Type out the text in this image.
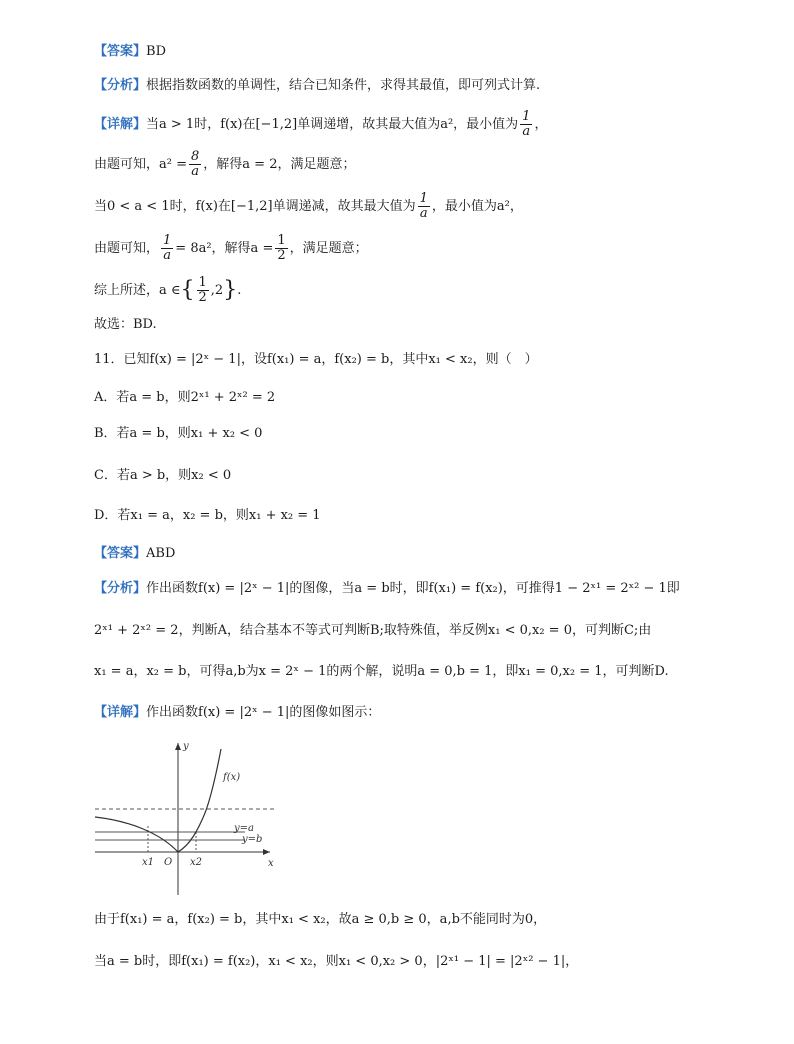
【答案】BD
【分析】根据指数函数的单调性，结合已知条件，求得其最值，即可列式计算.
【详解】当a > 1时，f(x)在[−1,2]单调递增，故其最大值为a²，最小值为 $\frac{1}{a}$ ，
由题可知，$a^2 = \frac{8}{a}$ ，解得a = 2，满足题意；
当0 < a < 1时，f(x)在[−1,2]单调递减，故其最大值为 $\frac{1}{a}$ ，最小值为a²，
由题可知， $\frac{1}{a} = 8a^2$，解得$a = \frac{1}{2}$ ，满足题意；
综上所述，a ∈{ $\frac{1}{2} ,2$}.
故选：BD.
11．已知f(x) = |2ˣ − 1|，设f(x₁) = a，f(x₂) = b，其中x₁ < x₂，则（　）
A．若a = b，则2ˣ¹ + 2ˣ² = 2
B．若a = b，则x₁ + x₂ < 0
C．若a > b，则x₂ < 0
D．若x₁ = a，x₂ = b，则x₁ + x₂ = 1
【答案】ABD
【分析】作出函数f(x) = |2ˣ − 1|的图像，当a = b时，即f(x₁) = f(x₂)，可推得1 − 2ˣ¹ = 2ˣ² − 1即
2ˣ¹ + 2ˣ² = 2，判断A，结合基本不等式可判断B;取特殊值，举反例x₁ < 0,x₂ = 0，可判断C;由
x₁ = a，x₂ = b，可得a,b为x = 2ˣ − 1的两个解，说明a = 0,b = 1，即x₁ = 0,x₂ = 1，可判断D.
【详解】作出函数f(x) = |2ˣ − 1|的图像如图示：
f(x)
y
x
O
x1	x2
y=a
y=b
由于f(x₁) = a，f(x₂) = b，其中x₁ < x₂，故a ≥ 0,b ≥ 0，a,b不能同时为0，
当a = b时，即f(x₁) = f(x₂)，x₁ < x₂，则x₁ < 0,x₂ > 0，|2ˣ¹ − 1| = |2ˣ² − 1|，
